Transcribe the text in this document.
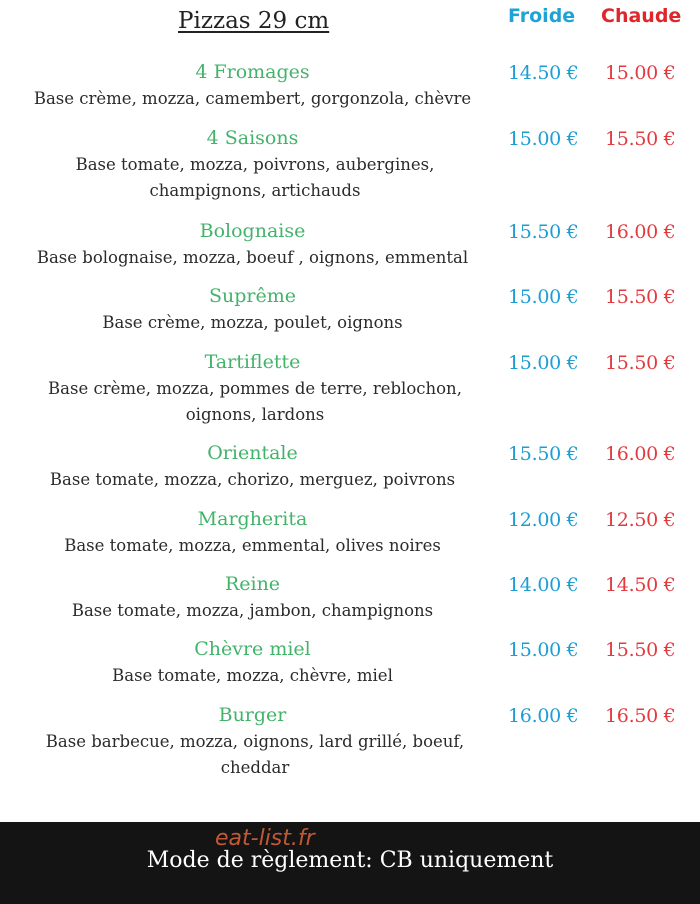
Pizzas 29 cm	Froide Chaude
4 Fromages
Base crème, mozza, camembert, gorgonzola, chèvre
14.50 € 15.00 €
4 Saisons
Base tomate, mozza, poivrons, aubergines, champignons, artichauds
15.00 € 15.50 €
Bolognaise
Base bolognaise, mozza, boeuf , oignons, emmental
15.50 € 16.00 €
Suprême
Base crème, mozza, poulet, oignons
15.00 € 15.50 €
Tartiflette
Base crème, mozza, pommes de terre, reblochon, oignons, lardons
15.00 € 15.50 €
Orientale
Base tomate, mozza, chorizo, merguez, poivrons
15.50 € 16.00 €
Margherita
Base tomate, mozza, emmental, olives noires
12.00 € 12.50 €
Reine
Base tomate, mozza, jambon, champignons
14.00 € 14.50 €
Chèvre miel
Base tomate, mozza, chèvre, miel
15.00 € 15.50 €
Burger
Base barbecue, mozza, oignons, lard grillé, boeuf, cheddar
16.00 € 16.50 €
eat-list.fr
Mode de règlement: CB uniquement
